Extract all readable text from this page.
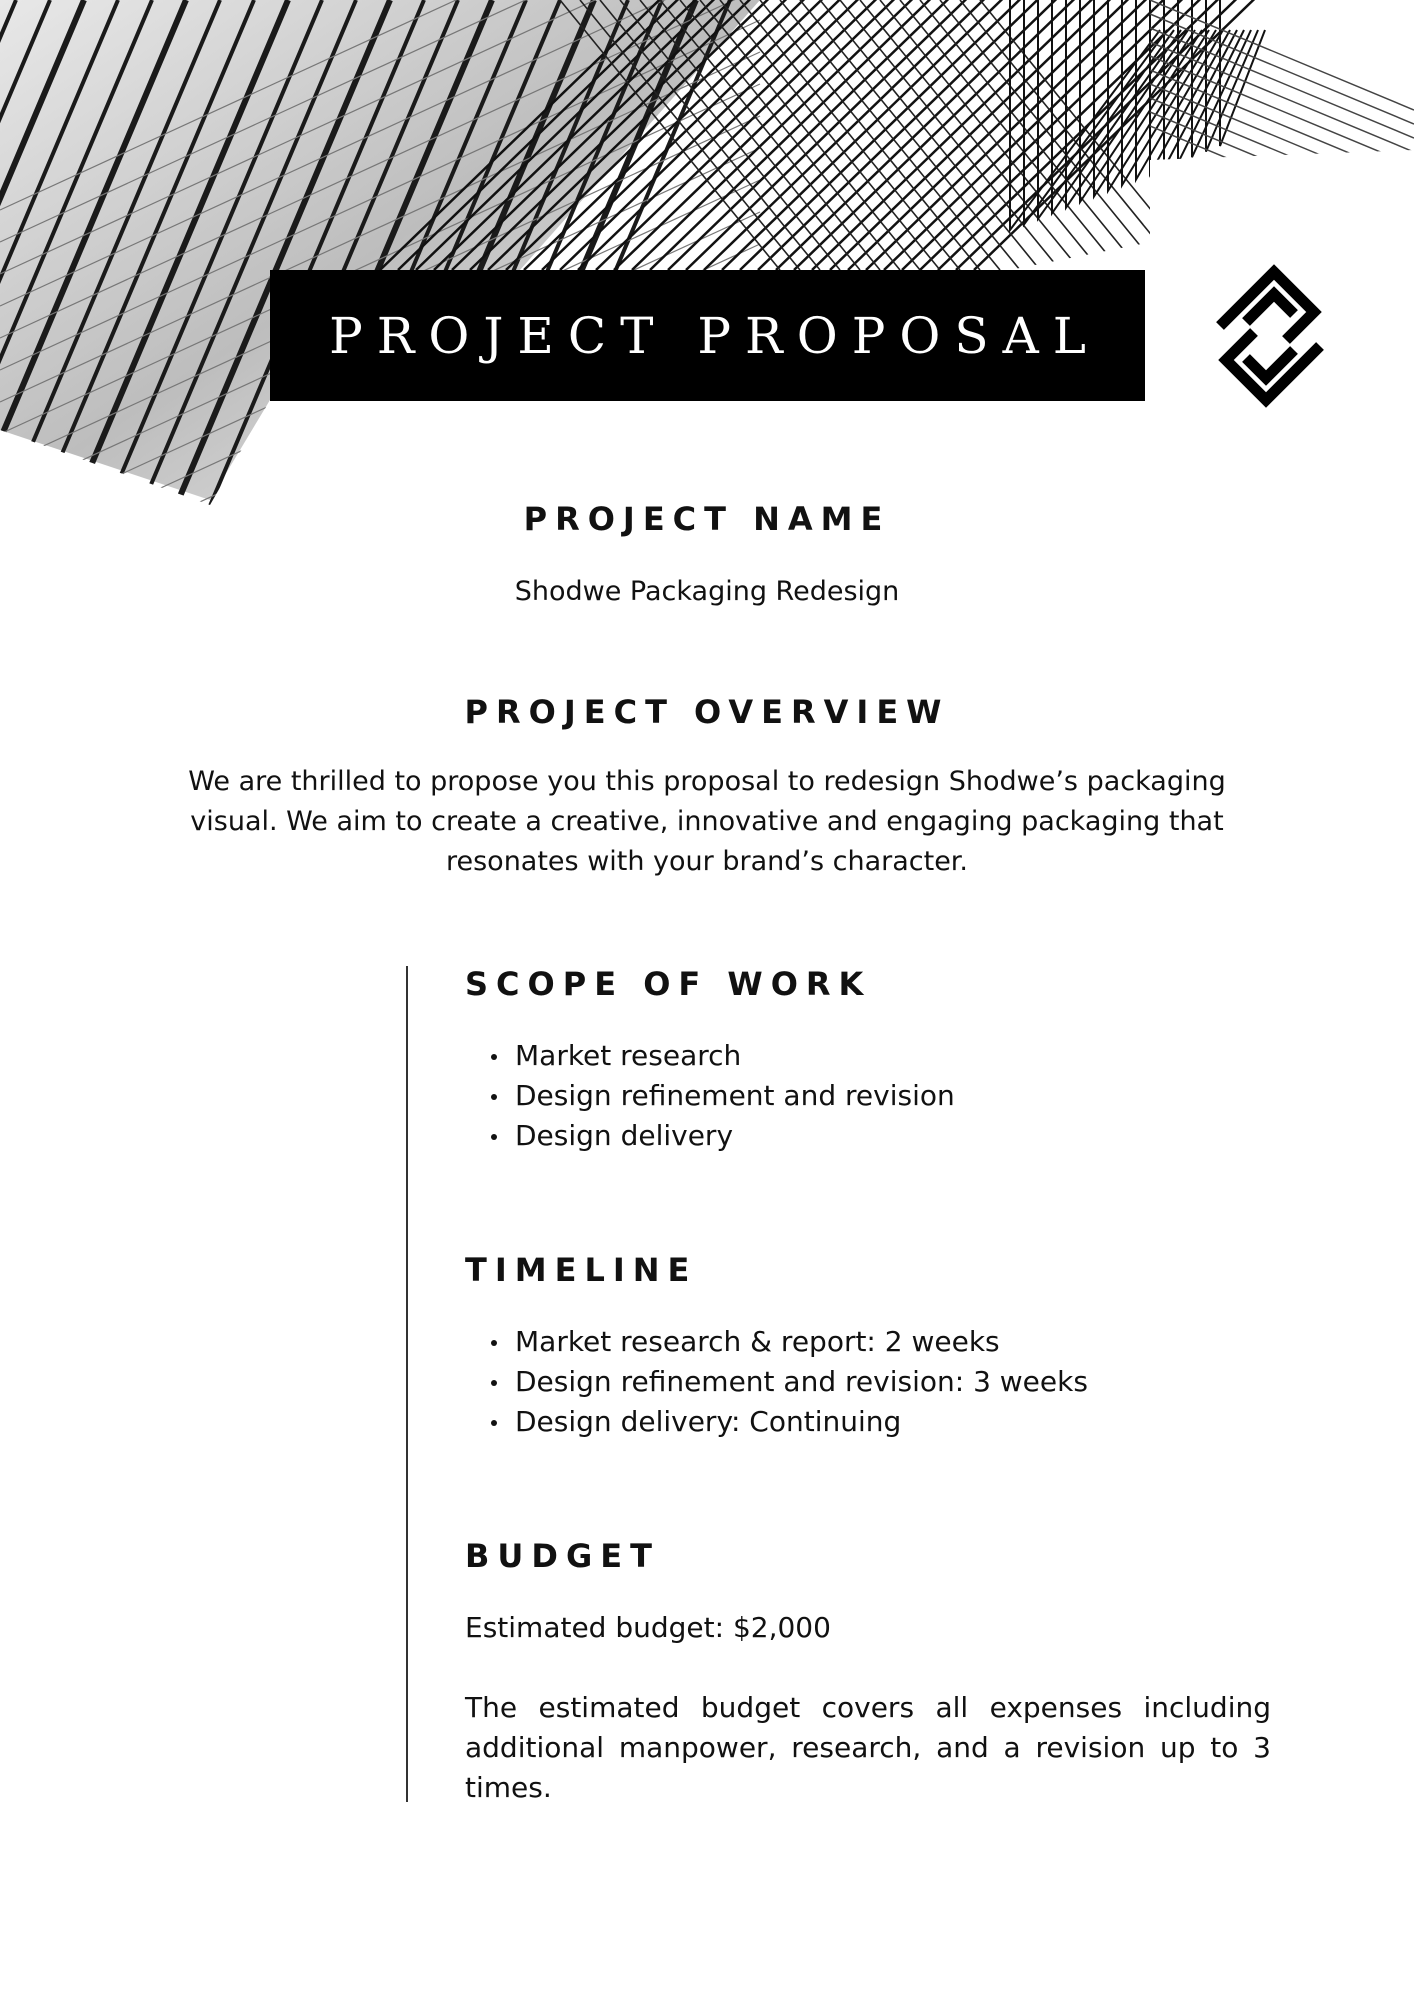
PROJECT PROPOSAL
PROJECT NAME
Shodwe Packaging Redesign
PROJECT OVERVIEW
We are thrilled to propose you this proposal to redesign Shodwe’s packaging visual. We aim to create a creative, innovative and engaging packaging that resonates with your brand’s character.
SCOPE OF WORK
Market research
Design refinement and revision
Design delivery
TIMELINE
Market research & report: 2 weeks
Design refinement and revision: 3 weeks
Design delivery: Continuing
BUDGET

Estimated budget: $2,000

The estimated budget covers all expenses including additional manpower, research, and a revision up to 3 times.
